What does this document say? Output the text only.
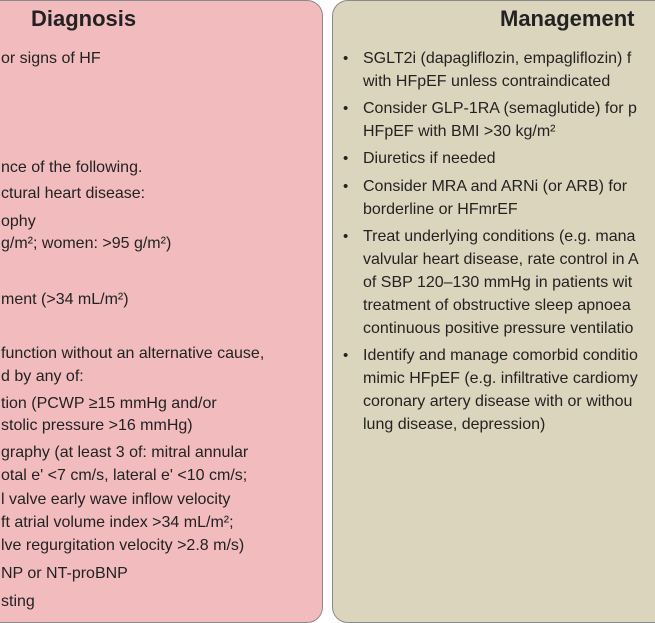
Diagnosis
or signs of HF
nce of the following.
ctural heart disease:
ophy
g/m²; women: >95 g/m²)
ment (>34 mL/m²)
function without an alternative cause,
d by any of:
tion (PCWP ≥15 mmHg and/or
stolic pressure >16 mmHg)
graphy (at least 3 of: mitral annular
otal e' <7 cm/s, lateral e' <10 cm/s;
l valve early wave inflow velocity
ft atrial volume index >34 mL/m²;
lve regurgitation velocity >2.8 m/s)
NP or NT-proBNP
sting
Management
• SGLT2i (dapagliflozin, empagliflozin) f
with HFpEF unless contraindicated
• Consider GLP-1RA (semaglutide) for p
HFpEF with BMI >30 kg/m²
• Diuretics if needed
• Consider MRA and ARNi (or ARB) for
borderline or HFmrEF
• Treat underlying conditions (e.g. mana
valvular heart disease, rate control in A
of SBP 120–130 mmHg in patients wit
treatment of obstructive sleep apnoea
continuous positive pressure ventilatio
• Identify and manage comorbid conditio
mimic HFpEF (e.g. infiltrative cardiomy
coronary artery disease with or withou
lung disease, depression)
